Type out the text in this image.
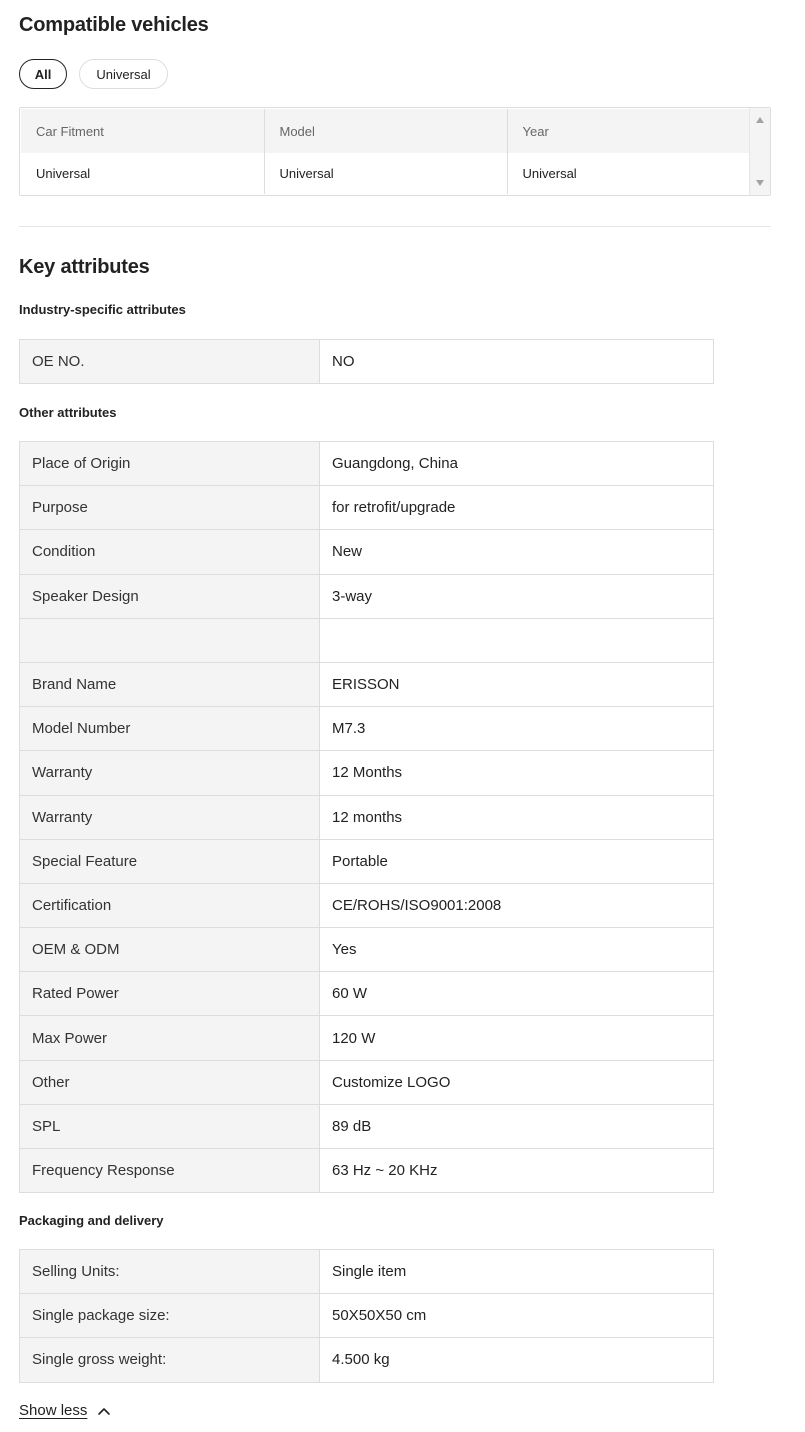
Compatible vehicles
All	Universal
Car Fitment	Model	Year
Universal	Universal	Universal
Key attributes
Industry-specific attributes
OE NO.	NO
Other attributes
Place of Origin	Guangdong, China
Purpose	for retrofit/upgrade
Condition	New
Speaker Design	3-way

Brand Name	ERISSON
Model Number	M7.3
Warranty	12 Months
Warranty	12 months
Special Feature	Portable
Certification	CE/ROHS/ISO9001:2008
OEM & ODM	Yes
Rated Power	60 W
Max Power	120 W
Other	Customize LOGO
SPL	89 dB
Frequency Response	63 Hz ~ 20 KHz
Packaging and delivery
Selling Units:	Single item
Single package size:	50X50X50 cm
Single gross weight:	4.500 kg
Show less
